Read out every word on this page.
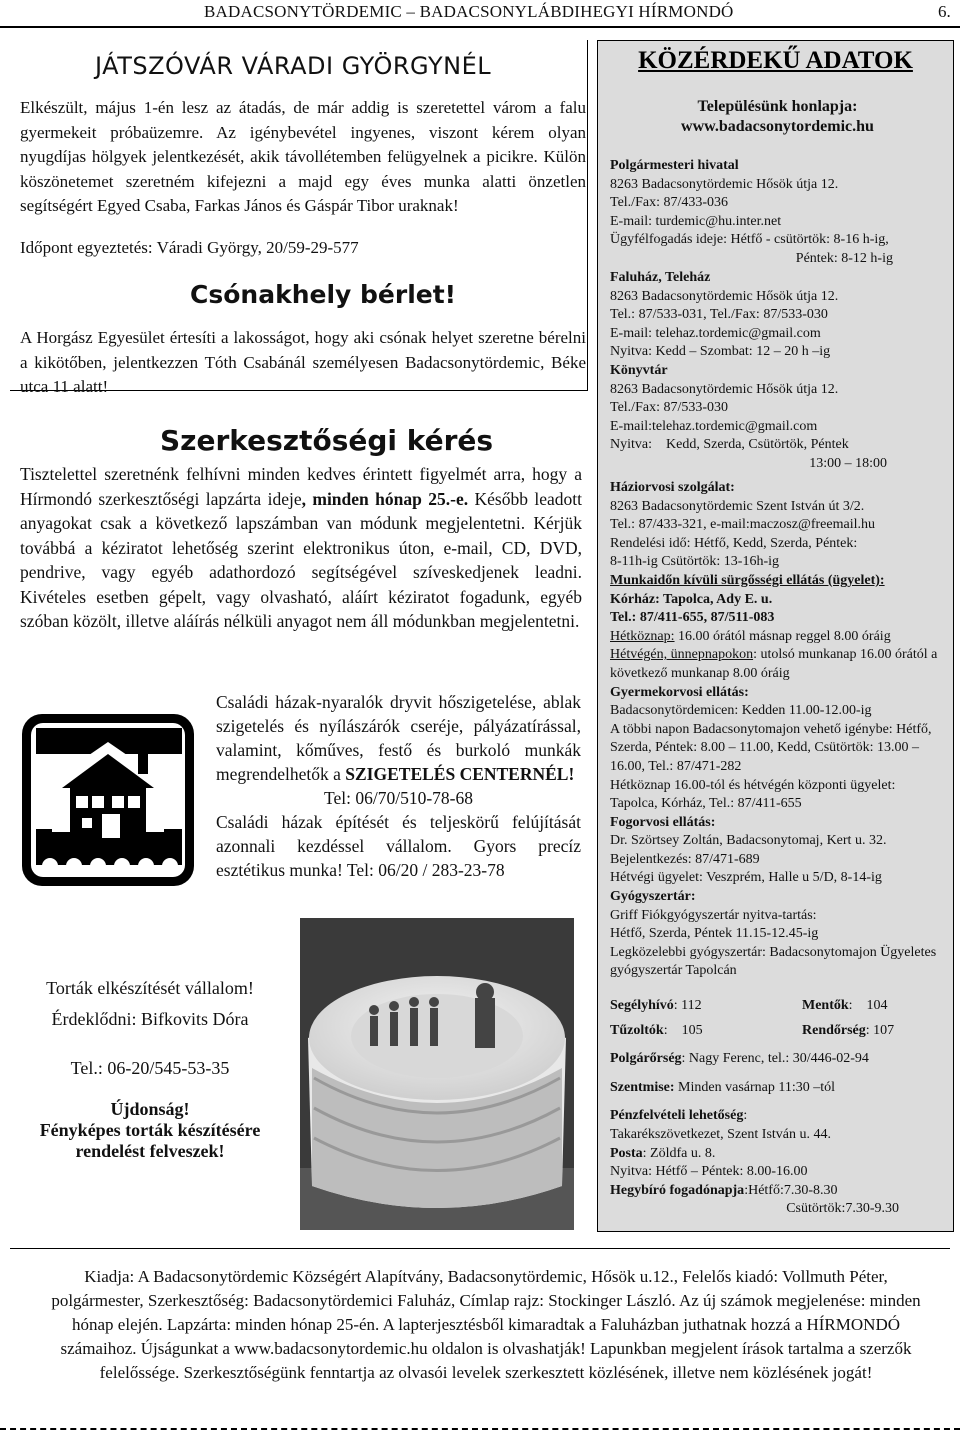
BADACSONYTÖRDEMIC – BADACSONYLÁBDIHEGYI HÍRMONDÓ	6.
JÁTSZÓVÁR VÁRADI GYÖRGYNÉL

Elkészült, május 1-én lesz az átadás, de már addig is szeretettel várom a falu gyermekeit próbaüzemre. Az igénybevétel ingyenes, viszont kérem olyan nyugdíjas hölgyek jelentkezését, akik távollétemben felügyelnek a picikre. Külön köszönetemet szeretném kifejezni a majd egy éves munka alatti önzetlen segítségért Egyed Csaba, Farkas János és Gáspár Tibor uraknak!

Időpont egyeztetés: Váradi György, 20/59-29-577

Csónakhely bérlet!

A Horgász Egyesület értesíti a lakosságot, hogy aki csónak helyet szeretne bérelni a kikötőben, jelentkezzen Tóth Csabánál személyesen Badacsonytördemic, Béke utca 11 alatt!

Szerkesztőségi kérés

Tisztelettel szeretnénk felhívni minden kedves érintett figyelmét arra, hogy a Hírmondó szerkesztőségi lapzárta ideje, minden hónap 25.-e. Később leadott anyagokat csak a következő lapszámban van módunk megjelentetni. Kérjük továbbá a kéziratot lehetőség szerint elektronikus úton, e-mail, CD, DVD, pendrive, vagy egyéb adathordozó segítségével szíveskedjenek leadni. Kivételes esetben gépelt, vagy olvasható, aláírt kéziratot fogadunk, egyéb szóban közölt, illetve aláírás nélküli anyagot nem áll módunkban megjelentetni.

Családi házak-nyaralók dryvit hőszigetelése, ablak szigetelés és nyílászárók cseréje, pályázatírással, valamint, kőműves, festő és burkoló munkák megrendelhetők a SZIGETELÉS CENTERNÉL!
Tel: 06/70/510-78-68
Családi házak építését és teljeskörű felújítását azonnali kezdéssel vállalom. Gyors precíz esztétikus munka! Tel: 06/20 / 283-23-78
Torták elkészítését vállalom!
Érdeklődni: Bifkovits Dóra
Tel.: 06-20/545-53-35
Újdonság!
Fényképes torták készítésére rendelést felveszek!
KÖZÉRDEKŰ ADATOK
Településünk honlapja:
www.badacsonytordemic.hu
Polgármesteri hivatal
8263 Badacsonytördemic Hősök útja 12.
Tel./Fax: 87/433-036
E-mail: turdemic@hu.inter.net
Ügyfélfogadás ideje: Hétfő - csütörtök: 8-16 h-ig,
Péntek: 8-12 h-ig
Faluház, Teleház
8263 Badacsonytördemic Hősök útja 12.
Tel.: 87/533-031, Tel./Fax: 87/533-030
E-mail: telehaz.tordemic@gmail.com
Nyitva: Kedd – Szombat: 12 – 20 h –ig
Könyvtár
8263 Badacsonytördemic Hősök útja 12.
Tel./Fax: 87/533-030
E-mail:telehaz.tordemic@gmail.com
Nyitva:    Kedd, Szerda, Csütörtök, Péntek
13:00 – 18:00
Háziorvosi szolgálat:
8263 Badacsonytördemic Szent István út 3/2.
Tel.: 87/433-321, e-mail:maczosz@freemail.hu
Rendelési idő: Hétfő, Kedd, Szerda, Péntek:
8-11h-ig Csütörtök: 13-16h-ig
Munkaidőn kívüli sürgősségi ellátás (ügyelet):
Kórház: Tapolca, Ady E. u.
Tel.: 87/411-655, 87/511-083
Hétköznap: 16.00 órától másnap reggel 8.00 óráig
Hétvégén, ünnepnapokon: utolsó munkanap 16.00 órától a következő munkanap 8.00 óráig
Gyermekorvosi ellátás:
Badacsonytördemicen: Kedden 11.00-12.00-ig
A többi napon Badacsonytomajon vehető igénybe: Hétfő, Szerda, Péntek: 8.00 – 11.00, Kedd, Csütörtök: 13.00 – 16.00, Tel.: 87/471-282
Hétköznap 16.00-tól és hétvégén központi ügyelet: Tapolca, Kórház, Tel.: 87/411-655
Fogorvosi ellátás:
Dr. Szörtsey Zoltán, Badacsonytomaj, Kert u. 32.
Bejelentkezés: 87/471-689
Hétvégi ügyelet: Veszprém, Halle u 5/D, 8-14-ig
Gyógyszertár:
Griff Fiókgyógyszertár nyitva-tartás:
Hétfő, Szerda, Péntek 11.15-12.45-ig
Legközelebbi gyógyszertár: Badacsonytomajon Ügyeletes gyógyszertár Tapolcán
Segélyhívó: 112	Mentők:    104
Tűzoltók:    105	Rendőrség: 107
Polgárőrség: Nagy Ferenc, tel.: 30/446-02-94
Szentmise: Minden vasárnap 11:30 –tól
Pénzfelvételi lehetőség:
Takarékszövetkezet, Szent István u. 44.
Posta: Zöldfa u. 8.
Nyitva: Hétfő – Péntek: 8.00-16.00
Hegybíró fogadónapja:Hétfő:7.30-8.30
Csütörtök:7.30-9.30
Kiadja: A Badacsonytördemic Községért Alapítvány, Badacsonytördemic, Hősök u.12., Felelős kiadó: Vollmuth Péter, polgármester, Szerkesztőség: Badacsonytördemici Faluház, Címlap rajz: Stockinger László. Az új számok megjelenése: minden hónap elején. Lapzárta: minden hónap 25-én. A lapterjesztésből kimaradtak a Faluházban juthatnak hozzá a HÍRMONDÓ számaihoz. Újságunkat a www.badacsonytordemic.hu oldalon is olvashatják! Lapunkban megjelent írások tartalma a szerzők felelőssége. Szerkesztőségünk fenntartja az olvasói levelek szerkesztett közlésének, illetve nem közlésének jogát!
